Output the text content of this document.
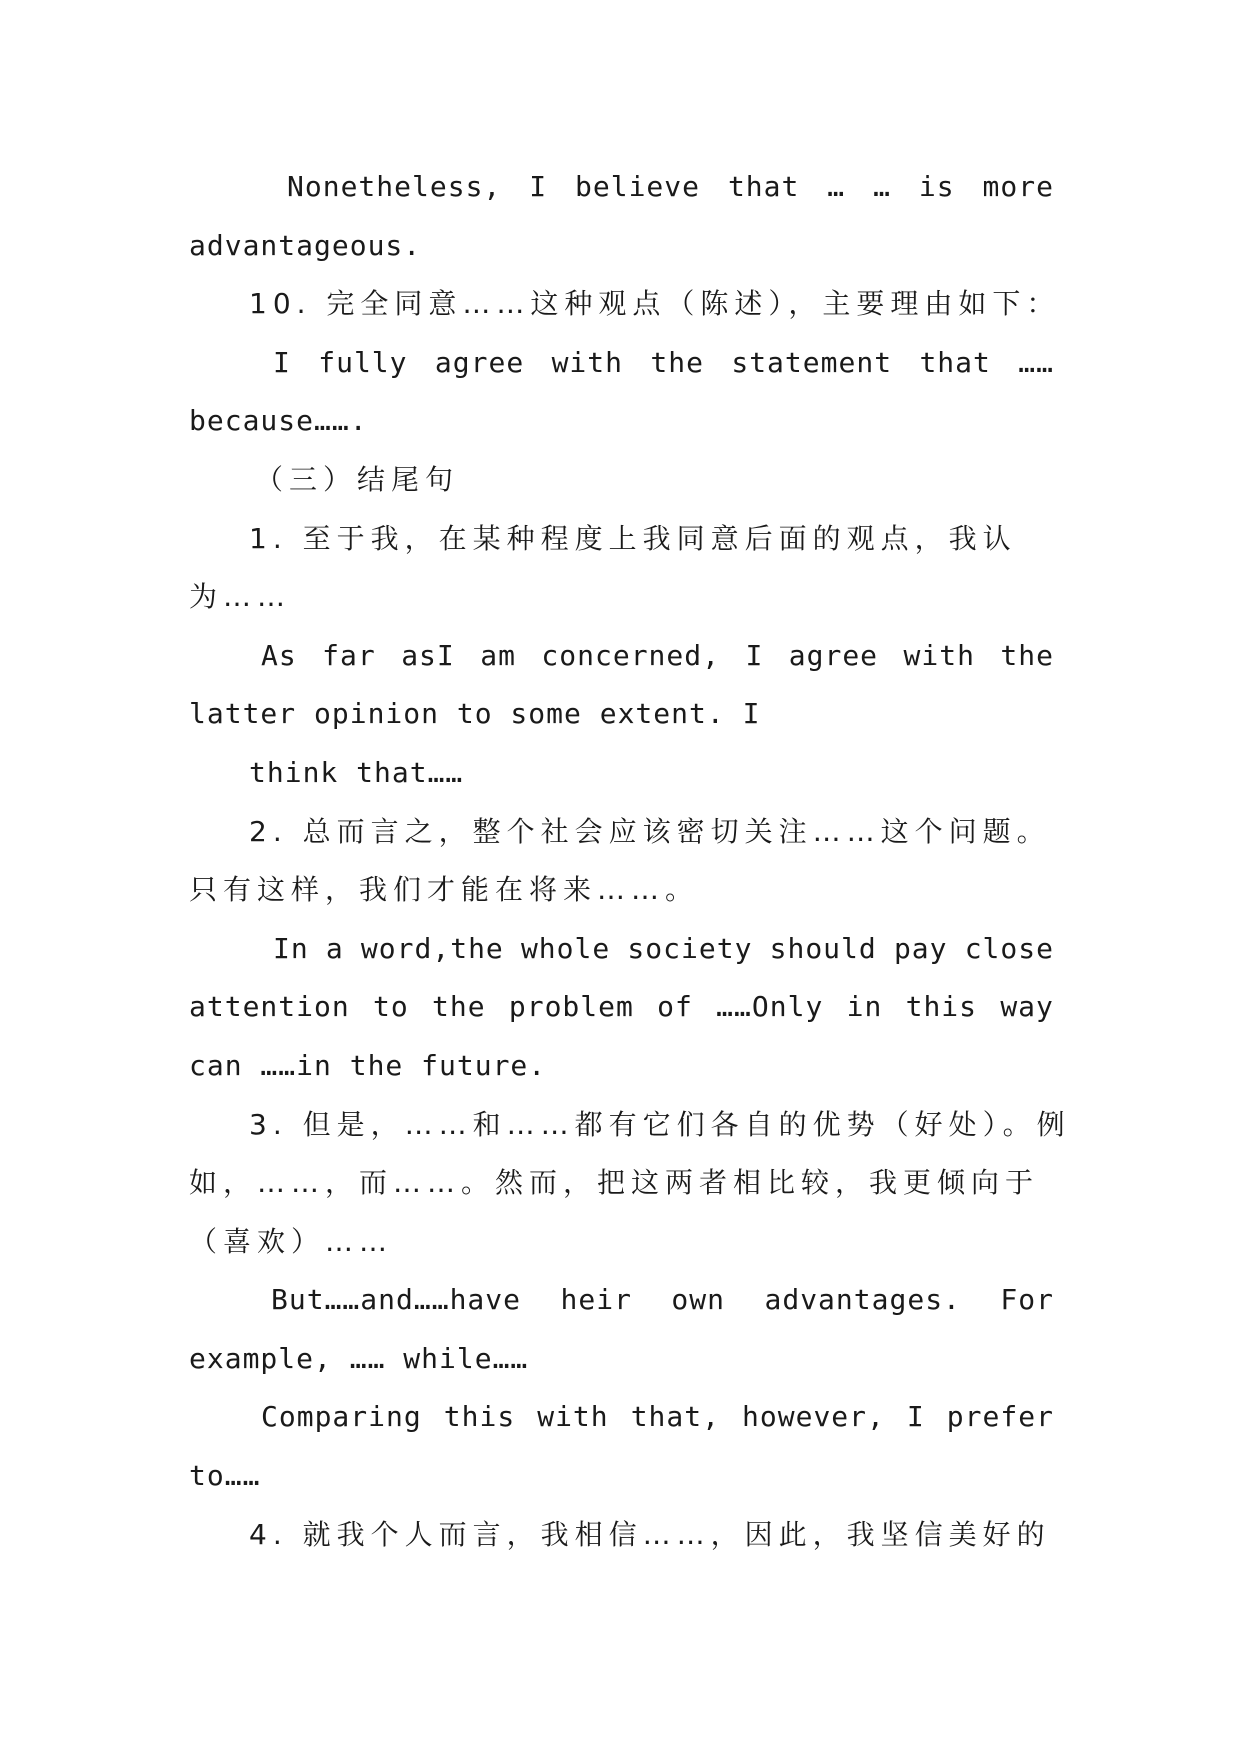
Nonetheless, I believe that … … is more
advantageous.
10. 完全同意……这种观点（陈述），主要理由如下：
I fully agree with the statement that ……
because…….
（三）结尾句
1. 至于我，在某种程度上我同意后面的观点，我认
为……
As far asI am concerned, I agree with the
latter opinion to some extent. I
think that……
2. 总而言之，整个社会应该密切关注……这个问题。
只有这样，我们才能在将来……。
In a word,the whole society should pay close
attention to the problem of ……Only in this way
can ……in the future.
3. 但是，……和……都有它们各自的优势（好处）。例
如，……，而……。然而，把这两者相比较，我更倾向于
（喜欢）……
But……and……have heir own advantages. For
example, …… while……
Comparing this with that, however, I prefer
to……
4. 就我个人而言，我相信……，因此，我坚信美好的
